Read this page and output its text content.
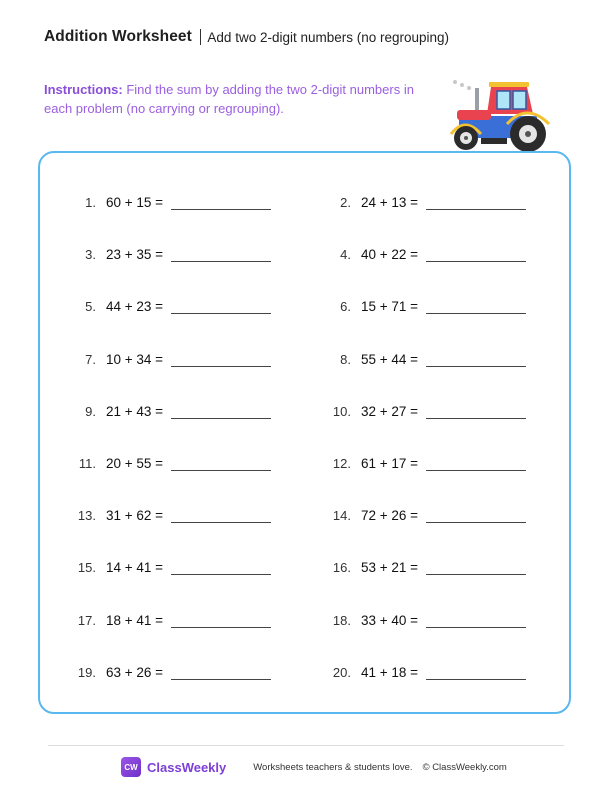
Addition Worksheet Add two 2-digit numbers (no regrouping)
Instructions: Find the sum by adding the two 2-digit numbers in each problem (no carrying or regrouping).
1. 60 + 15 =	2. 24 + 13 =
3. 23 + 35 =	4. 40 + 22 =
5. 44 + 23 =	6. 15 + 71 =
7. 10 + 34 =	8. 55 + 44 =
9. 21 + 43 =	10. 32 + 27 =
11. 20 + 55 =	12. 61 + 17 =
13. 31 + 62 =	14. 72 + 26 =
15. 14 + 41 =	16. 53 + 21 =
17. 18 + 41 =	18. 33 + 40 =
19. 63 + 26 =	20. 41 + 18 =
CW ClassWeekly	Worksheets teachers & students love. © ClassWeekly.com
